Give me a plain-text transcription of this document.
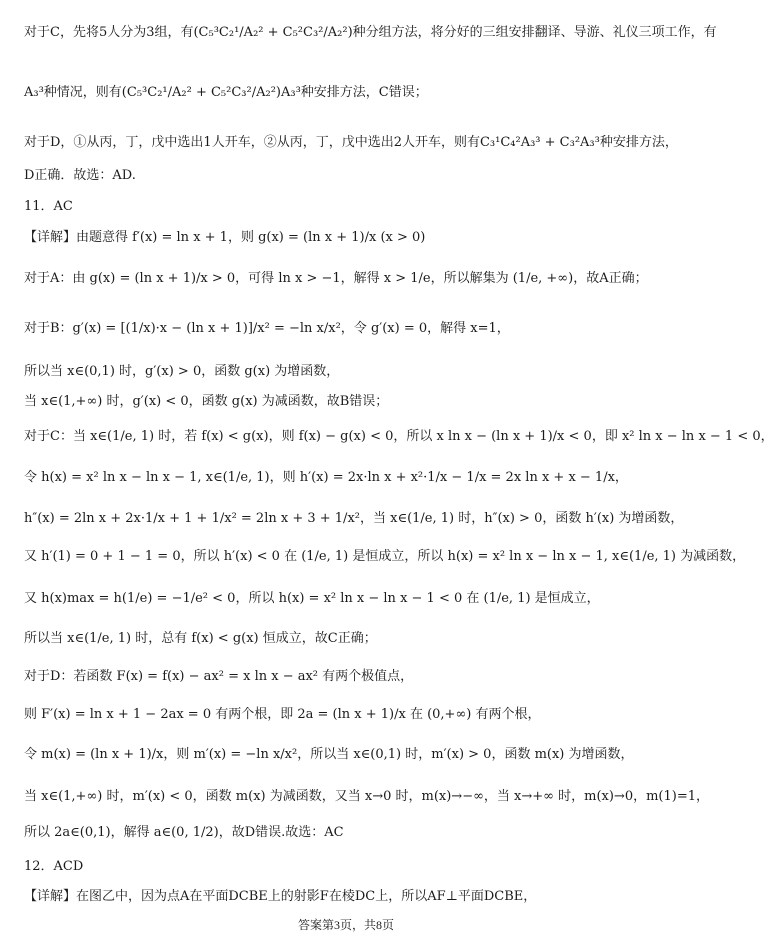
对于C，先将5人分为3组，有(C₅³C₂¹/A₂² + C₅²C₃²/A₂²)种分组方法，将分好的三组安排翻译、导游、礼仪三项工作，有
A₃³种情况，则有(C₅³C₂¹/A₂² + C₅²C₃²/A₂²)A₃³种安排方法，C错误；
对于D，①从丙，丁，戊中选出1人开车，②从丙，丁，戊中选出2人开车，则有C₃¹C₄²A₃³ + C₃²A₃³种安排方法，
D正确．故选：AD.
11．AC
【详解】由题意得 f′(x) = ln x + 1，则 g(x) = (ln x + 1)/x (x > 0)
对于A：由 g(x) = (ln x + 1)/x > 0，可得 ln x > −1，解得 x > 1/e，所以解集为 (1/e, +∞)，故A正确；
对于B：g′(x) = [(1/x)·x − (ln x + 1)]/x² = −ln x/x²，令 g′(x) = 0，解得 x=1，
所以当 x∈(0,1) 时，g′(x) > 0，函数 g(x) 为增函数，
当 x∈(1,+∞) 时，g′(x) < 0，函数 g(x) 为减函数，故B错误；
对于C：当 x∈(1/e, 1) 时，若 f(x) < g(x)，则 f(x) − g(x) < 0，所以 x ln x − (ln x + 1)/x < 0，即 x² ln x − ln x − 1 < 0，
令 h(x) = x² ln x − ln x − 1, x∈(1/e, 1)，则 h′(x) = 2x·ln x + x²·1/x − 1/x = 2x ln x + x − 1/x，
h″(x) = 2ln x + 2x·1/x + 1 + 1/x² = 2ln x + 3 + 1/x²，当 x∈(1/e, 1) 时，h″(x) > 0，函数 h′(x) 为增函数，
又 h′(1) = 0 + 1 − 1 = 0，所以 h′(x) < 0 在 (1/e, 1) 是恒成立，所以 h(x) = x² ln x − ln x − 1, x∈(1/e, 1) 为减函数，
又 h(x)max = h(1/e) = −1/e² < 0，所以 h(x) = x² ln x − ln x − 1 < 0 在 (1/e, 1) 是恒成立，
所以当 x∈(1/e, 1) 时，总有 f(x) < g(x) 恒成立，故C正确；
对于D：若函数 F(x) = f(x) − ax² = x ln x − ax² 有两个极值点，
则 F′(x) = ln x + 1 − 2ax = 0 有两个根，即 2a = (ln x + 1)/x 在 (0,+∞) 有两个根，
令 m(x) = (ln x + 1)/x，则 m′(x) = −ln x/x²，所以当 x∈(0,1) 时，m′(x) > 0，函数 m(x) 为增函数，
当 x∈(1,+∞) 时，m′(x) < 0，函数 m(x) 为减函数，又当 x→0 时，m(x)→−∞，当 x→+∞ 时，m(x)→0，m(1)=1，
所以 2a∈(0,1)，解得 a∈(0, 1/2)，故D错误.故选：AC
12．ACD
【详解】在图乙中，因为点A在平面DCBE上的射影F在棱DC上，所以AF⊥平面DCBE，
答案第3页，共8页
